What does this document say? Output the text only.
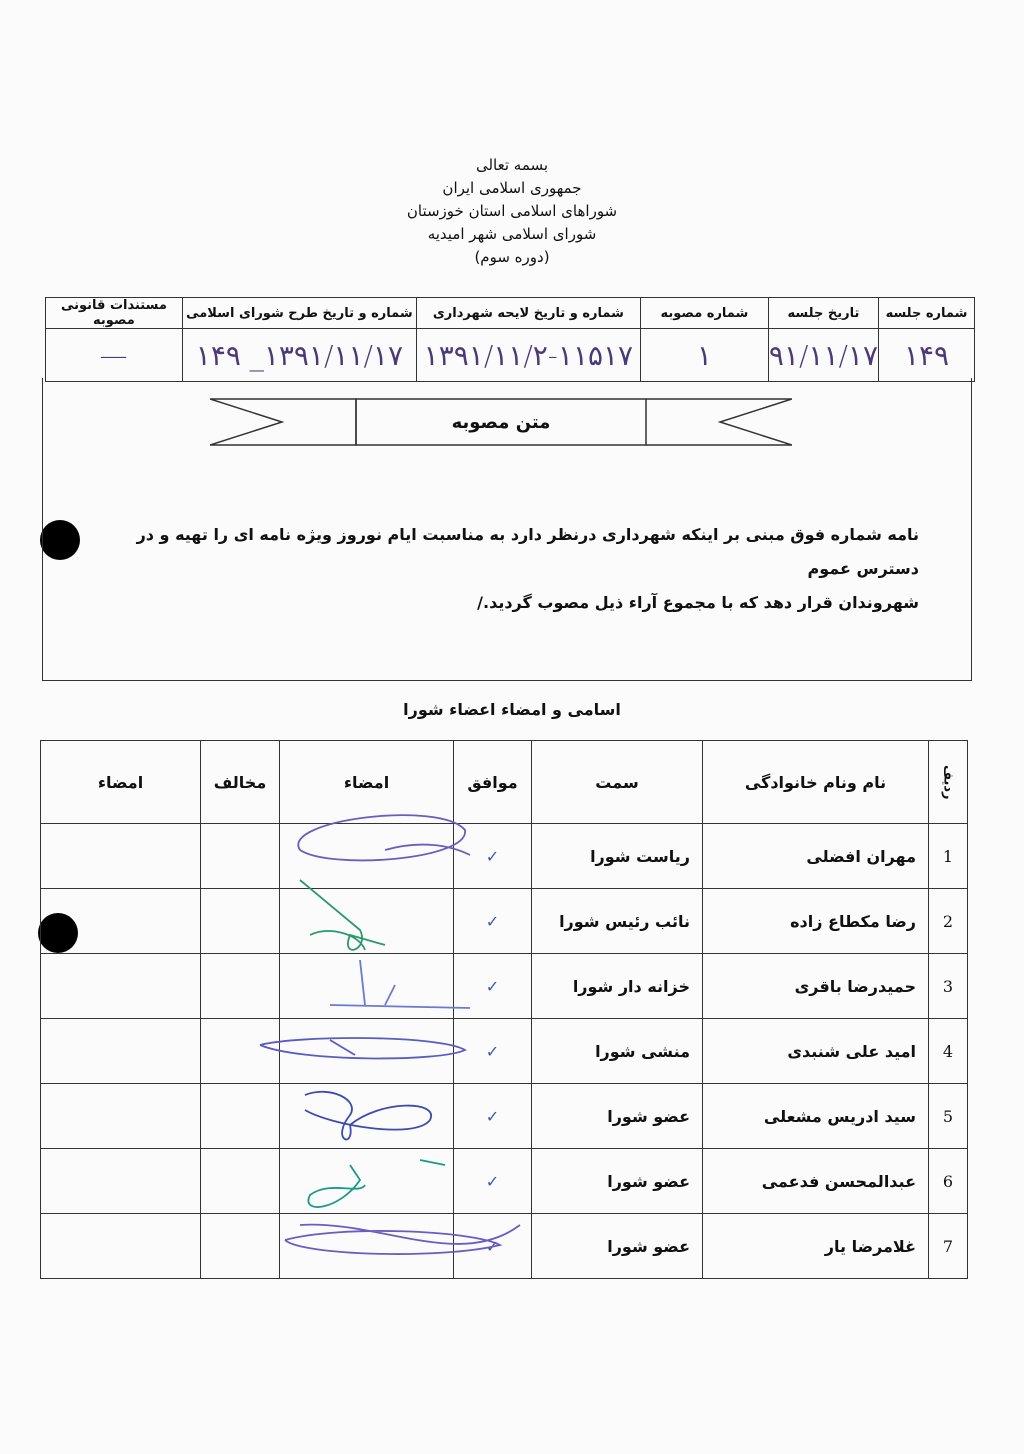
بسمه تعالی
جمهوری اسلامی ایران
شوراهای اسلامی استان خوزستان
شورای اسلامی شهر امیدیه
(دوره سوم)
شماره جلسه	تاریخ جلسه	شماره مصوبه	شماره و تاریخ لایحه شهرداری	شماره و تاریخ طرح شورای اسلامی	مستندات قانونی مصوبه
۱۴۹	۹۱/۱۱/۱۷	۱	۱۳۹۱/۱۱/۲-۱۱۵۱۷	۱۳۹۱/۱۱/۱۷_ ۱۴۹	—
متن مصوبه
نامه شماره فوق مبنی بر اینکه شهرداری درنظر دارد به مناسبت ایام نوروز ویژه نامه ای را تهیه و در دسترس عموم
شهروندان قرار دهد که با مجموع آراء ذیل مصوب گردید./
اسامی و امضاء اعضاء شورا
ردیف	نام ونام خانوادگی	سمت	موافق	امضاء	مخالف	امضاء
1	مهران افضلی	ریاست شورا	✓			
2	رضا مکطاع زاده	نائب رئیس شورا	✓			
3	حمیدرضا باقری	خزانه دار شورا	✓			
4	امید علی شنبدی	منشی شورا	✓			
5	سید ادریس مشعلی	عضو شورا	✓			
6	عبدالمحسن فدعمی	عضو شورا	✓			
7	غلامرضا یار	عضو شورا	✓			
